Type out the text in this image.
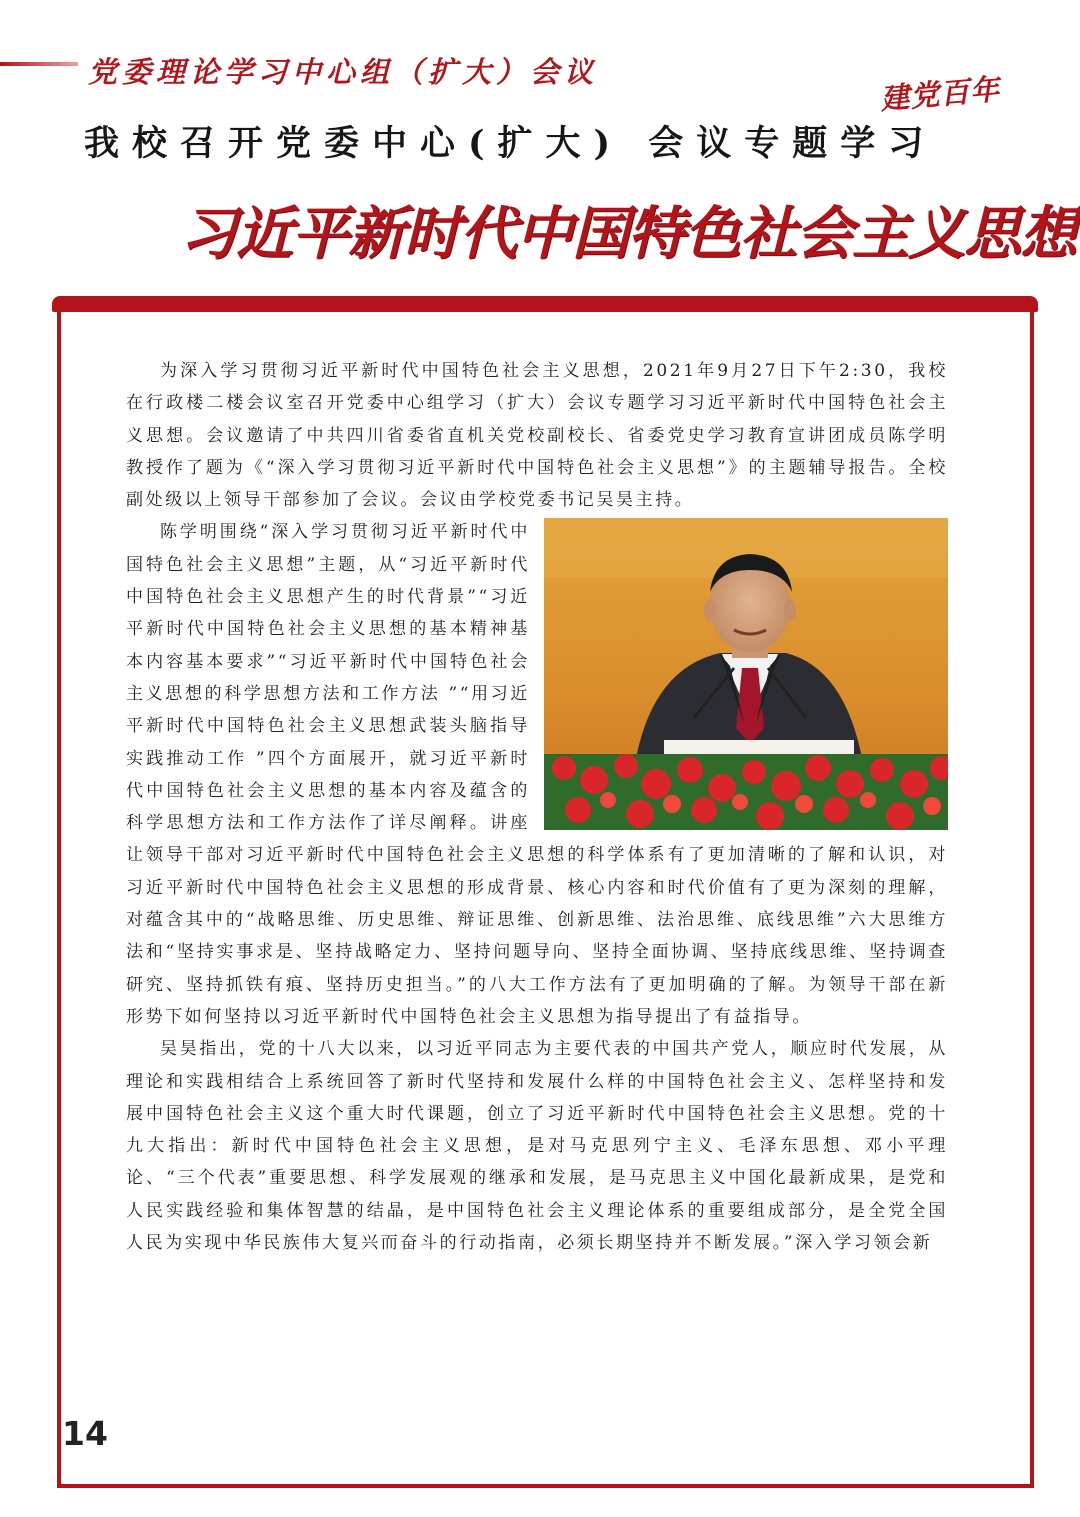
党委理论学习中心组（扩大）会议	建党百年
我校召开党委中心(扩大) 会议专题学习
习近平新时代中国特色社会主义思想

为深入学习贯彻习近平新时代中国特色社会主义思想，2021年9月27日下午2:30，我校在行政楼二楼会议室召开党委中心组学习（扩大）会议专题学习习近平新时代中国特色社会主义思想。会议邀请了中共四川省委省直机关党校副校长、省委党史学习教育宣讲团成员陈学明教授作了题为《“深入学习贯彻习近平新时代中国特色社会主义思想”》的主题辅导报告。全校副处级以上领导干部参加了会议。会议由学校党委书记吴昊主持。

陈学明围绕“深入学习贯彻习近平新时代中国特色社会主义思想”主题，从“习近平新时代中国特色社会主义思想产生的时代背景”“习近平新时代中国特色社会主义思想的基本精神基本内容基本要求”“习近平新时代中国特色社会主义思想的科学思想方法和工作方法 ”“用习近平新时代中国特色社会主义思想武装头脑指导实践推动工作 ”四个方面展开，就习近平新时代中国特色社会主义思想的基本内容及蕴含的科学思想方法和工作方法作了详尽阐释。讲座让领导干部对习近平新时代中国特色社会主义思想的科学体系有了更加清晰的了解和认识，对习近平新时代中国特色社会主义思想的形成背景、核心内容和时代价值有了更为深刻的理解，对蕴含其中的“战略思维、历史思维、辩证思维、创新思维、法治思维、底线思维”六大思维方法和“坚持实事求是、坚持战略定力、坚持问题导向、坚持全面协调、坚持底线思维、坚持调查研究、坚持抓铁有痕、坚持历史担当。”的八大工作方法有了更加明确的了解。为领导干部在新形势下如何坚持以习近平新时代中国特色社会主义思想为指导提出了有益指导。

吴昊指出，党的十八大以来，以习近平同志为主要代表的中国共产党人，顺应时代发展，从理论和实践相结合上系统回答了新时代坚持和发展什么样的中国特色社会主义、怎样坚持和发展中国特色社会主义这个重大时代课题，创立了习近平新时代中国特色社会主义思想。党的十九大指出：新时代中国特色社会主义思想，是对马克思列宁主义、毛泽东思想、邓小平理论、“三个代表”重要思想、科学发展观的继承和发展，是马克思主义中国化最新成果，是党和人民实践经验和集体智慧的结晶，是中国特色社会主义理论体系的重要组成部分，是全党全国人民为实现中华民族伟大复兴而奋斗的行动指南，必须长期坚持并不断发展。”深入学习领会新

14
